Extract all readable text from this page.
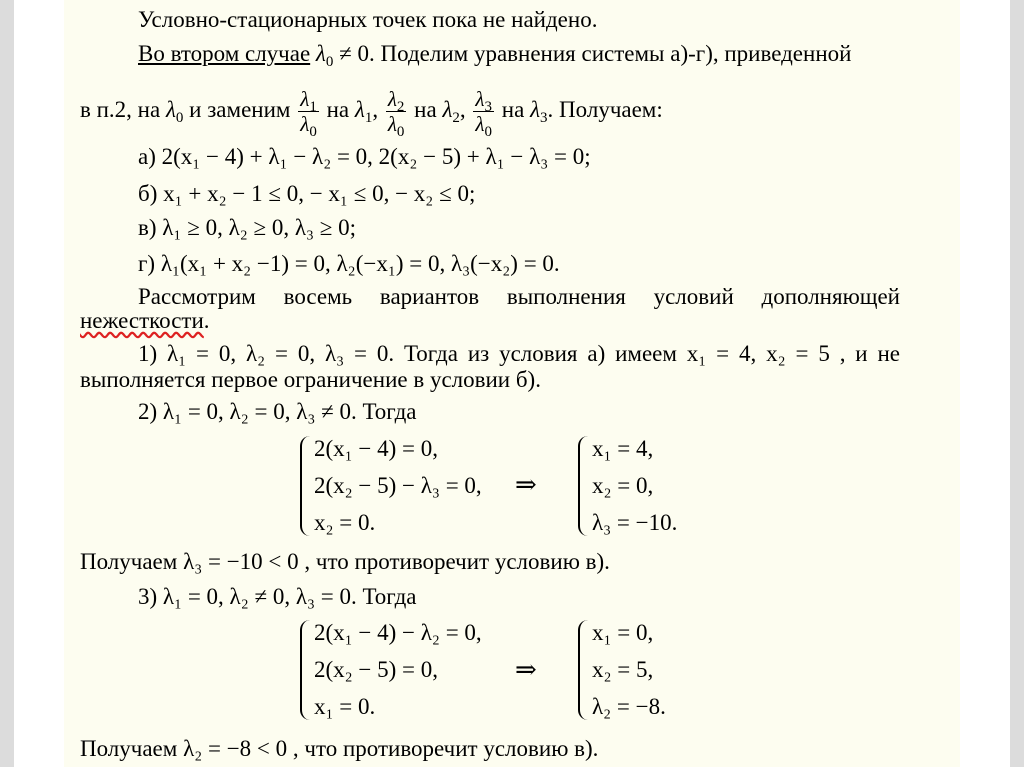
Условно-стационарных точек пока не найдено.
Во втором случае $\lambda_0 \ne 0$. Поделим уравнения системы а)-г), приведенной
в п.2, на $\lambda_0$ и заменим $\frac{\lambda_1}{\lambda_0}$ на $\lambda_1$, $\frac{\lambda_2}{\lambda_0}$ на $\lambda_2$, $\frac{\lambda_3}{\lambda_0}$ на $\lambda_3$. Получаем:
а) 2(x₁ − 4) + λ₁ − λ₂ = 0, 2(x₂ − 5) + λ₁ − λ₃ = 0;
б) x₁ + x₂ − 1 ≤ 0, − x₁ ≤ 0, − x₂ ≤ 0;
в) λ₁ ≥ 0, λ₂ ≥ 0, λ₃ ≥ 0;
г) λ₁(x₁ + x₂ −1) = 0, λ₂(−x₁) = 0, λ₃(−x₂) = 0.
Рассмотрим восемь вариантов выполнения условий дополняющей
нежесткости.
1) λ₁ = 0, λ₂ = 0, λ₃ = 0. Тогда из условия а) имеем x₁ = 4, x₂ = 5 , и не
выполняется первое ограничение в условии б).
2) λ₁ = 0, λ₂ = 0, λ₃ ≠ 0. Тогда
2(x₁ − 4) = 0,
2(x₂ − 5) − λ₃ = 0,
x₂ = 0.
⇒
x₁ = 4,
x₂ = 0,
λ₃ = −10.
Получаем λ₃ = −10 < 0 , что противоречит условию в).
3) λ₁ = 0, λ₂ ≠ 0, λ₃ = 0. Тогда
2(x₁ − 4) − λ₂ = 0,
2(x₂ − 5) = 0,
x₁ = 0.
⇒
x₁ = 0,
x₂ = 5,
λ₂ = −8.
Получаем λ₂ = −8 < 0 , что противоречит условию в).
